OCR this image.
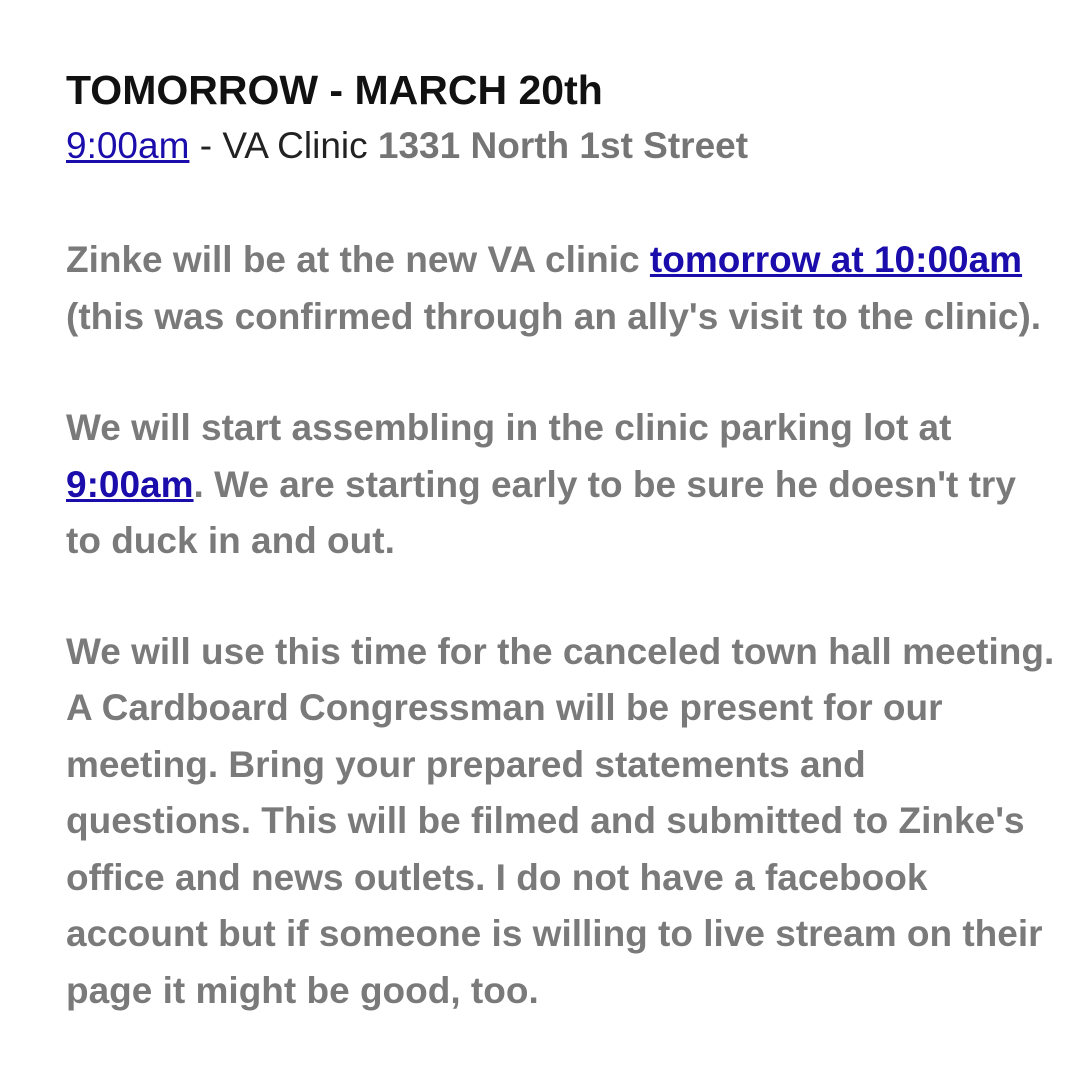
TOMORROW - MARCH 20th

9:00am - VA Clinic 1331 North 1st Street

Zinke will be at the new VA clinic tomorrow at 10:00am (this was confirmed through an ally's visit to the clinic).

We will start assembling in the clinic parking lot at 9:00am. We are starting early to be sure he doesn't try to duck in and out.

We will use this time for the canceled town hall meeting. A Cardboard Congressman will be present for our meeting. Bring your prepared statements and questions. This will be filmed and submitted to Zinke's office and news outlets. I do not have a facebook account but if someone is willing to live stream on their page it might be good, too.
